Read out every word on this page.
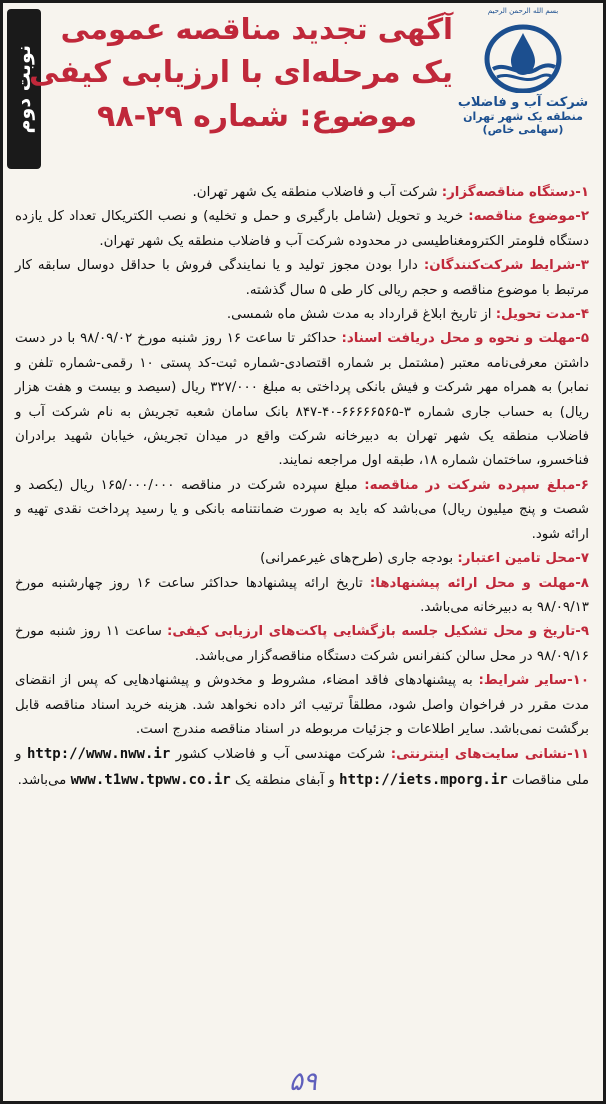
نوبت دوم
آگهی تجدید مناقصه عمومی
یک مرحله‌ای با ارزیابی کیفی
موضوع: شماره ۲۹-۹۸
بسم الله الرحمن الرحیم
شرکت آب و فاضلاب
منطقه یک شهر تهران
(سهامی خاص)

۱-دستگاه مناقصه‌گزار: شرکت آب و فاضلاب منطقه یک شهر تهران.

۲-موضوع مناقصه: خرید و تحویل (شامل بارگیری و حمل و تخلیه) و نصب الکتریکال تعداد کل یازده دستگاه فلومتر الکترومغناطیسی در محدوده شرکت آب و فاضلاب منطقه یک شهر تهران.

۳-شرایط شرکت‌کنندگان: دارا بودن مجوز تولید و یا نمایندگی فروش با حداقل دوسال سابقه کار مرتبط با موضوع مناقصه و حجم ریالی کار طی ۵ سال گذشته.

۴-مدت تحویل: از تاریخ ابلاغ قرارداد به مدت شش ماه شمسی.

۵-مهلت و نحوه و محل دریافت اسناد: حداکثر تا ساعت ۱۶ روز شنبه مورخ ۹۸/۰۹/۰۲ با در دست داشتن معرفی‌نامه معتبر (مشتمل بر شماره اقتصادی-شماره ثبت-کد پستی ۱۰ رقمی-شماره تلفن و نمابر) به همراه مهر شرکت و فیش بانکی پرداختی به مبلغ ۳۲۷/۰۰۰ ریال (سیصد و بیست و هفت هزار ریال) به حساب جاری شماره ۳-۶۶۶۶۶۵۶۵-۴۰-۸۴۷ بانک سامان شعبه تجریش به نام شرکت آب و فاضلاب منطقه یک شهر تهران به دبیرخانه شرکت واقع در میدان تجریش، خیابان شهید برادران فناخسرو، ساختمان شماره ۱۸، طبقه اول مراجعه نمایند.

۶-مبلغ سپرده شرکت در مناقصه: مبلغ سپرده شرکت در مناقصه ۱۶۵/۰۰۰/۰۰۰ ریال (یکصد و شصت و پنج میلیون ریال) می‌باشد که باید به صورت ضمانتنامه بانکی و یا رسید پرداخت نقدی تهیه و ارائه شود.

۷-محل تامین اعتبار: بودجه جاری (طرح‌های غیرعمرانی)

۸-مهلت و محل ارائه پیشنهادها: تاریخ ارائه پیشنهادها حداکثر ساعت ۱۶ روز چهارشنبه مورخ ۹۸/۰۹/۱۳ به دبیرخانه می‌باشد.

۹-تاریخ و محل تشکیل جلسه بازگشایی پاکت‌های ارزیابی کیفی: ساعت ۱۱ روز شنبه مورخ ۹۸/۰۹/۱۶ در محل سالن کنفرانس شرکت دستگاه مناقصه‌گزار می‌باشد.

۱۰-سایر شرایط: به پیشنهادهای فاقد امضاء، مشروط و مخدوش و پیشنهادهایی که پس از انقضای مدت مقرر در فراخوان واصل شود، مطلقاً ترتیب اثر داده نخواهد شد. هزینه خرید اسناد مناقصه قابل برگشت نمی‌باشد. سایر اطلاعات و جزئیات مربوطه در اسناد مناقصه مندرج است.

۱۱-نشانی سایت‌های اینترنتی: شرکت مهندسی آب و فاضلاب کشور http://www.nww.ir و ملی مناقصات http://iets.mporg.ir و آبفای منطقه یک www.t1ww.tpww.co.ir می‌باشد.

۵۹
